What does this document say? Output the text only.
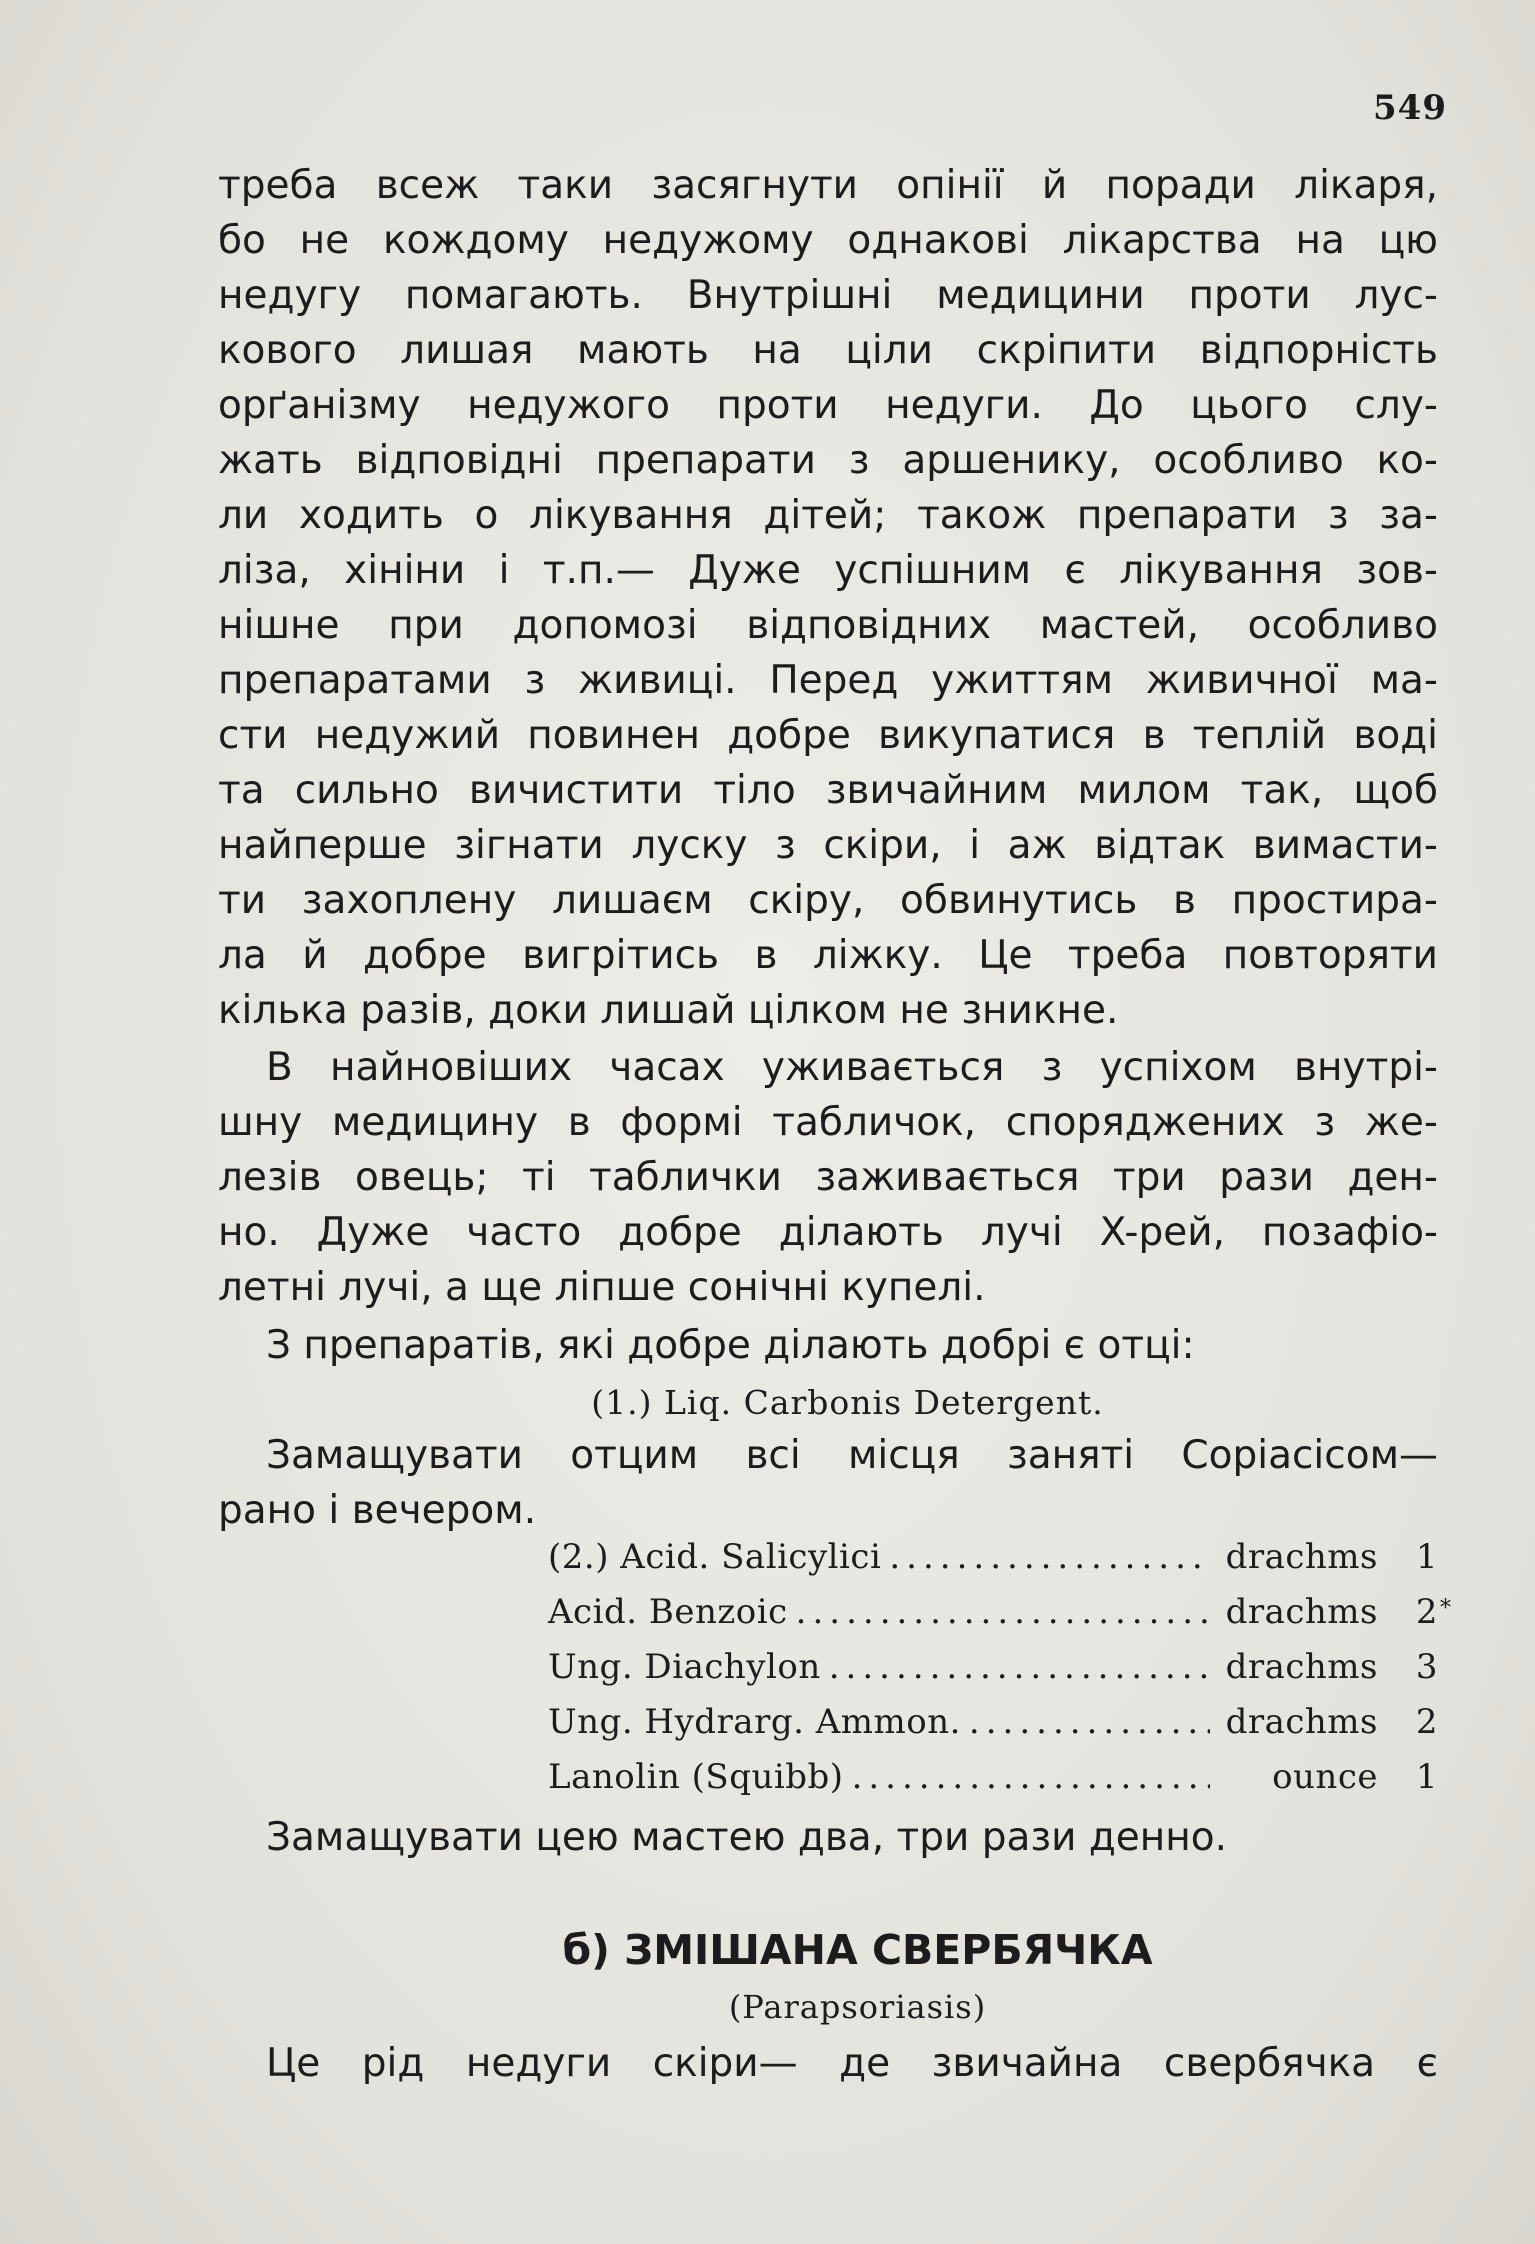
549
треба всеж таки засягнути опінії й поради лікаря,
бо не кождому недужому однакові лікарства на цю
недугу помагають. Внутрішні медицини проти лус-
кового лишая мають на ціли скріпити відпорність
орґанізму недужого проти недуги. До цього слу-
жать відповідні препарати з аршенику, особливо ко-
ли ходить о лікування дітей; також препарати з за-
ліза, хініни і т.п.— Дуже успішним є лікування зов-
нішне при допомозі відповідних мастей, особливо
препаратами з живиці. Перед ужиттям живичної ма-
сти недужий повинен добре викупатися в теплій воді
та сильно вичистити тіло звичайним милом так, щоб
найперше зігнати луску з скіри, і аж відтак вимасти-
ти захоплену лишаєм скіру, обвинутись в простира-
ла й добре вигрітись в ліжку. Це треба повторяти
кілька разів, доки лишай цілком не зникне.
В найновіших часах уживається з успіхом внутрі-
шну медицину в формі табличок, споряджених з же-
лезів овець; ті таблички заживається три рази ден-
но. Дуже часто добре ділають лучі X-рей, позафіо-
летні лучі, а ще ліпше сонічні купелі.
З препаратів, які добре ділають добрі є отці:
(1.) Liq. Carbonis Detergent.
Замащувати отцим всі місця заняті Соріасісом—
рано і вечером.
(2.) Acid. Salicylici .....	drachms	1
Acid. Benzoic .....	drachms	2
Ung. Diachylon .....	drachms	3
Ung. Hydrarg. Ammon. .....	drachms	2
Lanolin (Squibb) .....	ounce	1
*
Замащувати цею мастею два, три рази денно.
б) ЗМІШАНА СВЕРБЯЧКА
(Parapsoriasis)
Це рід недуги скіри— де звичайна свербячка є
